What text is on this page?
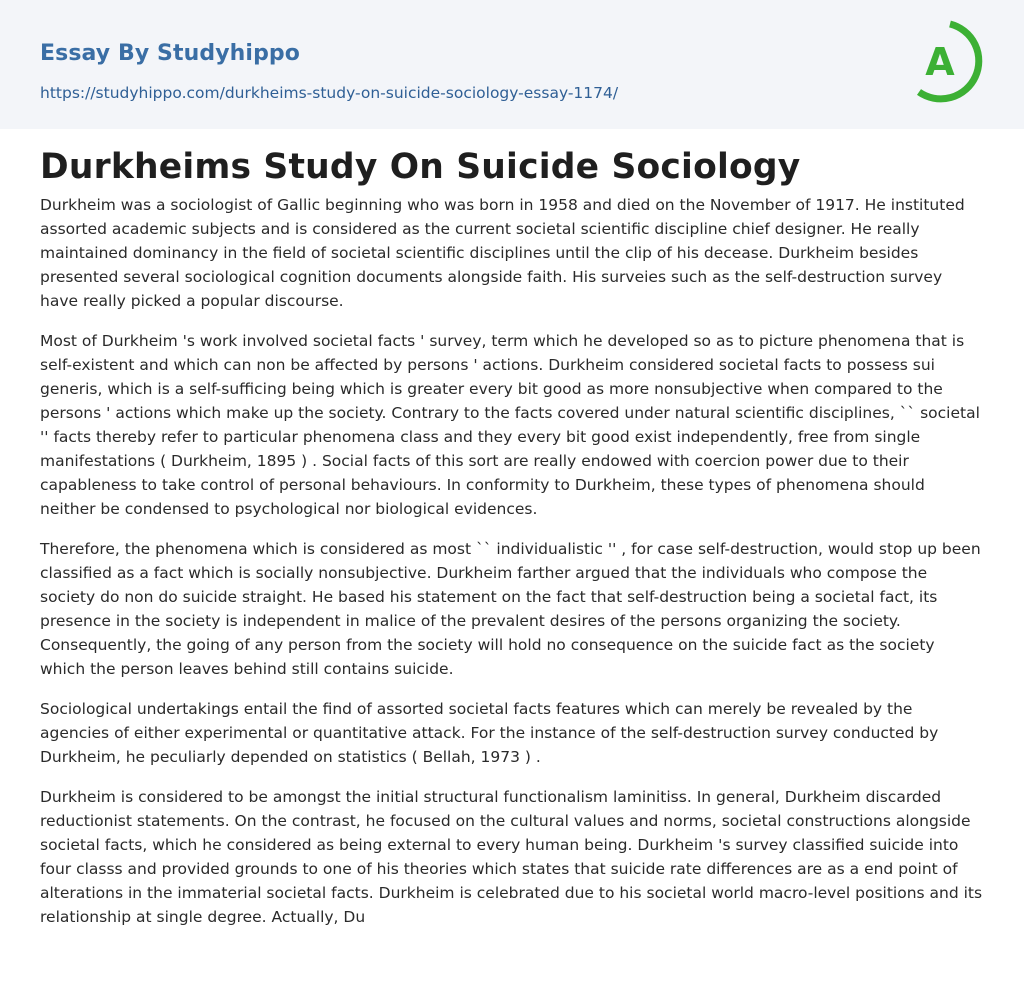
Essay By Studyhippo
https://studyhippo.com/durkheims-study-on-suicide-sociology-essay-1174/
A
Durkheims Study On Suicide Sociology

Durkheim was a sociologist of Gallic beginning who was born in 1958 and died on the November of 1917. He instituted assorted academic subjects and is considered as the current societal scientific discipline chief designer. He really maintained dominancy in the field of societal scientific disciplines until the clip of his decease. Durkheim besides presented several sociological cognition documents alongside faith. His surveies such as the self-destruction survey have really picked a popular discourse.

Most of Durkheim 's work involved societal facts ' survey, term which he developed so as to picture phenomena that is self-existent and which can non be affected by persons ' actions. Durkheim considered societal facts to possess sui generis, which is a self-sufficing being which is greater every bit good as more nonsubjective when compared to the persons ' actions which make up the society. Contrary to the facts covered under natural scientific disciplines, `` societal '' facts thereby refer to particular phenomena class and they every bit good exist independently, free from single manifestations ( Durkheim, 1895 ) . Social facts of this sort are really endowed with coercion power due to their capableness to take control of personal behaviours. In conformity to Durkheim, these types of phenomena should neither be condensed to psychological nor biological evidences.

Therefore, the phenomena which is considered as most `` individualistic '' , for case self-destruction, would stop up been classified as a fact which is socially nonsubjective. Durkheim farther argued that the individuals who compose the society do non do suicide straight. He based his statement on the fact that self-destruction being a societal fact, its presence in the society is independent in malice of the prevalent desires of the persons organizing the society. Consequently, the going of any person from the society will hold no consequence on the suicide fact as the society which the person leaves behind still contains suicide.

Sociological undertakings entail the find of assorted societal facts features which can merely be revealed by the agencies of either experimental or quantitative attack. For the instance of the self-destruction survey conducted by Durkheim, he peculiarly depended on statistics ( Bellah, 1973 ) .

Durkheim is considered to be amongst the initial structural functionalism laminitiss. In general, Durkheim discarded reductionist statements. On the contrast, he focused on the cultural values and norms, societal constructions alongside societal facts, which he considered as being external to every human being. Durkheim 's survey classified suicide into four classs and provided grounds to one of his theories which states that suicide rate differences are as a end point of alterations in the immaterial societal facts. Durkheim is celebrated due to his societal world macro-level positions and its relationship at single degree. Actually, Du
